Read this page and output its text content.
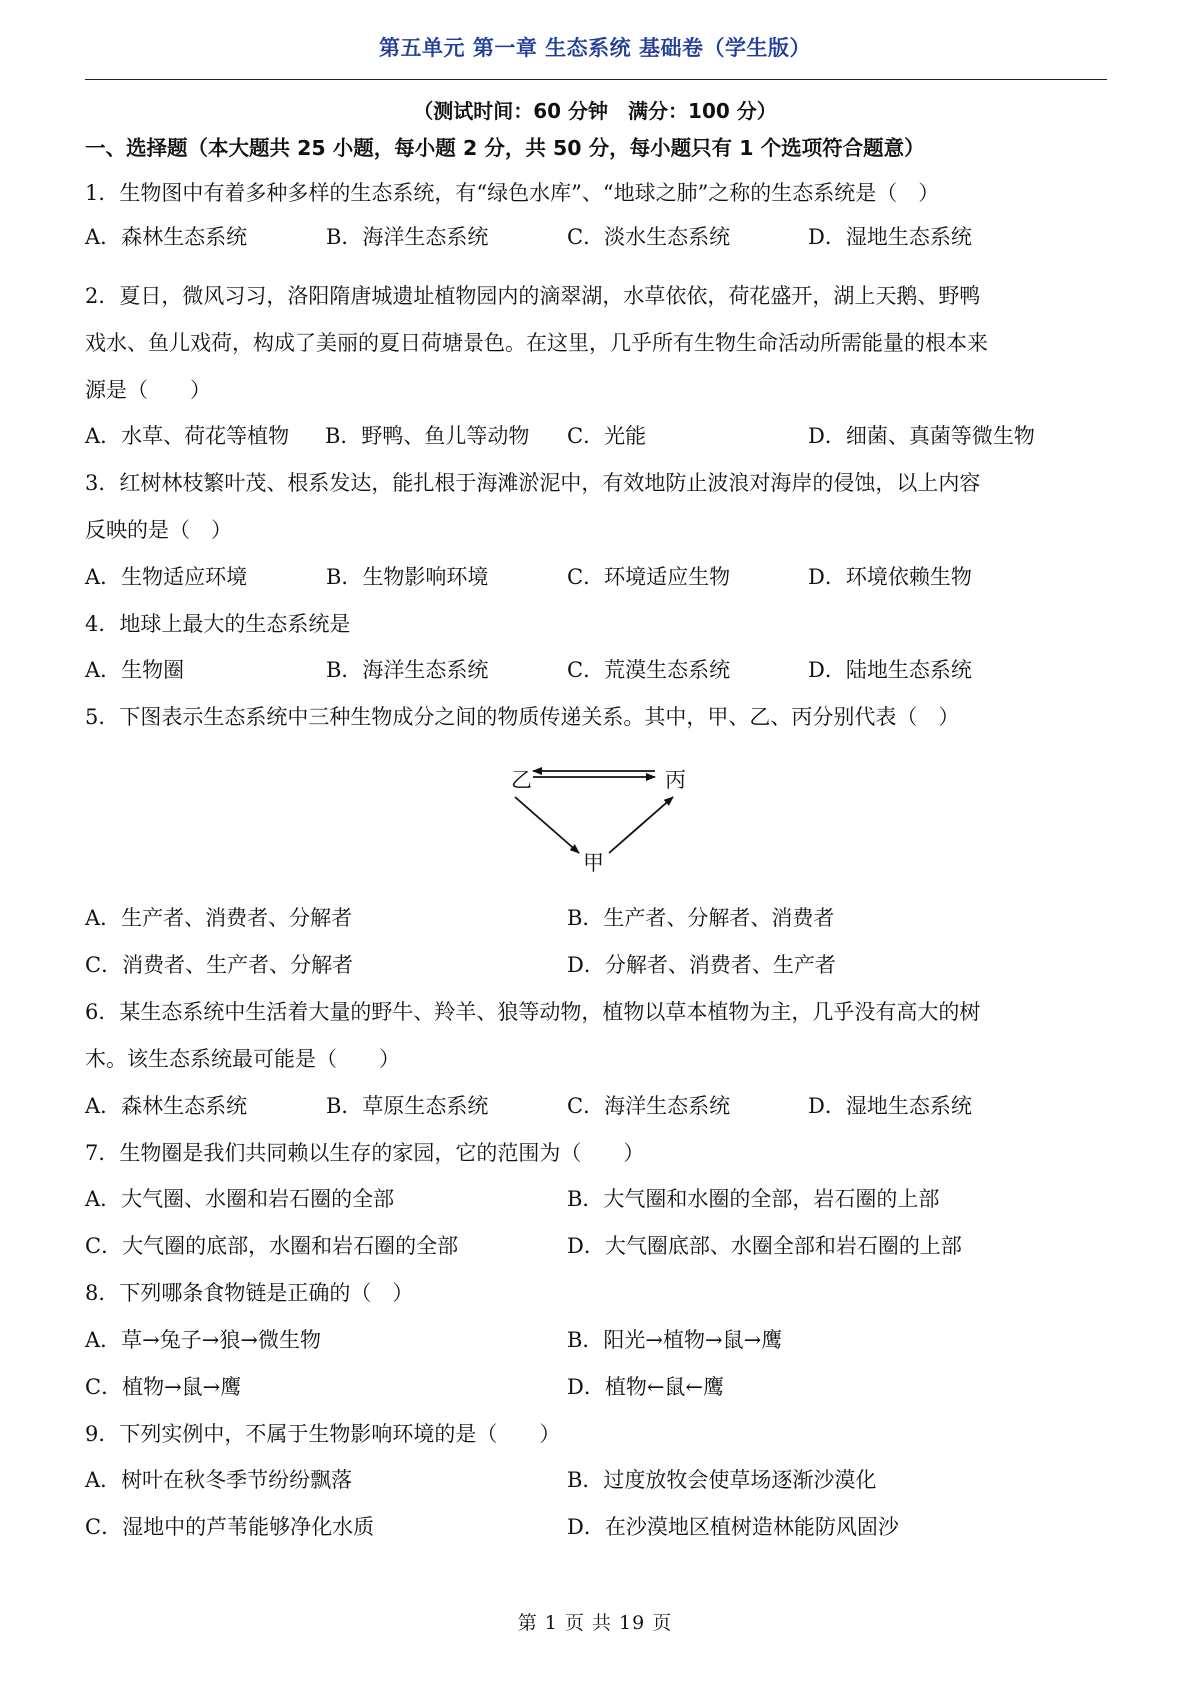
第五单元 第一章 生态系统 基础卷（学生版）
（测试时间：60 分钟　满分：100 分）
一、选择题（本大题共 25 小题，每小题 2 分，共 50 分，每小题只有 1 个选项符合题意）
1．生物图中有着多种多样的生态系统，有“绿色水库”、“地球之肺”之称的生态系统是（　）
A．森林生态系统	B．海洋生态系统	C．淡水生态系统	D．湿地生态系统
2．夏日，微风习习，洛阳隋唐城遗址植物园内的滴翠湖，水草依依，荷花盛开，湖上天鹅、野鸭
戏水、鱼儿戏荷，构成了美丽的夏日荷塘景色。在这里，几乎所有生物生命活动所需能量的根本来
源是（　　）
A．水草、荷花等植物 B．野鸭、鱼儿等动物 C．光能	D．细菌、真菌等微生物
3．红树林枝繁叶茂、根系发达，能扎根于海滩淤泥中，有效地防止波浪对海岸的侵蚀，以上内容
反映的是（　）
A．生物适应环境	B．生物影响环境	C．环境适应生物	D．环境依赖生物
4．地球上最大的生态系统是
A．生物圈	B．海洋生态系统	C．荒漠生态系统	D．陆地生态系统
5．下图表示生态系统中三种生物成分之间的物质传递关系。其中，甲、乙、丙分别代表（　）
乙	丙
甲
A．生产者、消费者、分解者	B．生产者、分解者、消费者
C．消费者、生产者、分解者	D．分解者、消费者、生产者
6．某生态系统中生活着大量的野牛、羚羊、狼等动物，植物以草本植物为主，几乎没有高大的树
木。该生态系统最可能是（　　）
A．森林生态系统	B．草原生态系统	C．海洋生态系统	D．湿地生态系统
7．生物圈是我们共同赖以生存的家园，它的范围为（　　）
A．大气圈、水圈和岩石圈的全部	B．大气圈和水圈的全部，岩石圈的上部
C．大气圈的底部，水圈和岩石圈的全部	D．大气圈底部、水圈全部和岩石圈的上部
8．下列哪条食物链是正确的（　）
A．草→兔子→狼→微生物	B．阳光→植物→鼠→鹰
C．植物→鼠→鹰	D．植物←鼠←鹰
9．下列实例中，不属于生物影响环境的是（　　）
A．树叶在秋冬季节纷纷飘落	B．过度放牧会使草场逐渐沙漠化
C．湿地中的芦苇能够净化水质	D．在沙漠地区植树造林能防风固沙
第 1 页 共 19 页
